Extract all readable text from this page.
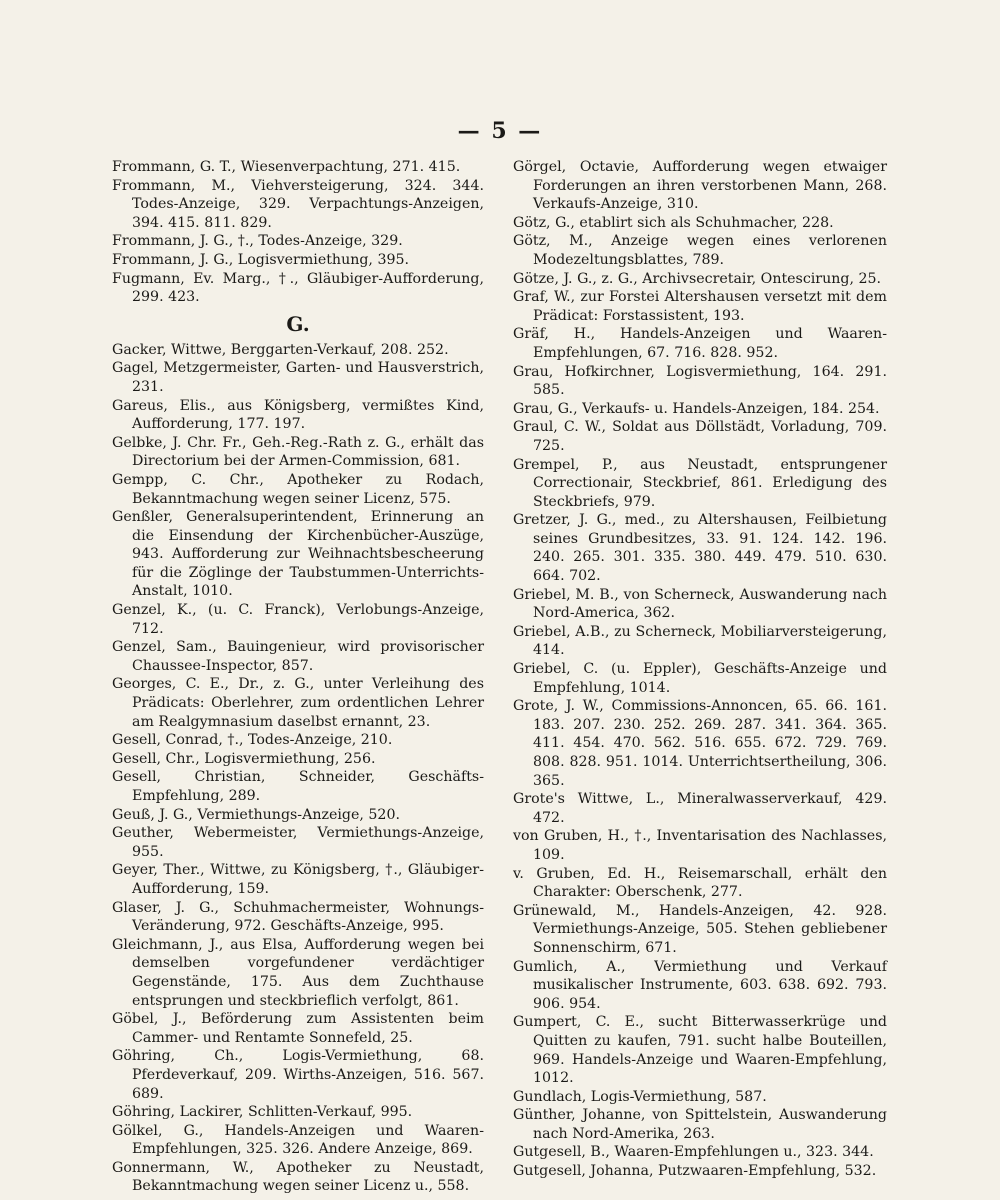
— 5 —

Frommann, G. T., Wiesenverpachtung, 271. 415.

Frommann, M., Viehversteigerung, 324. 344. Todes-Anzeige, 329. Verpachtungs-Anzeigen, 394. 415. 811. 829.

Frommann, J. G., †., Todes-Anzeige, 329.

Frommann, J. G., Logisvermiethung, 395.

Fugmann, Ev. Marg., †., Gläubiger-Aufforderung, 299. 423.

G.

Gacker, Wittwe, Berggarten-Verkauf, 208. 252.

Gagel, Metzgermeister, Garten- und Hausverstrich, 231.

Gareus, Elis., aus Königsberg, vermißtes Kind, Aufforderung, 177. 197.

Gelbke, J. Chr. Fr., Geh.-Reg.-Rath z. G., erhält das Directorium bei der Armen-Commission, 681.

Gempp, C. Chr., Apotheker zu Rodach, Bekanntmachung wegen seiner Licenz, 575.

Genßler, Generalsuperintendent, Erinnerung an die Einsendung der Kirchenbücher-Auszüge, 943. Aufforderung zur Weihnachtsbescheerung für die Zöglinge der Taubstummen-Unterrichts-Anstalt, 1010.

Genzel, K., (u. C. Franck), Verlobungs-Anzeige, 712.

Genzel, Sam., Bauingenieur, wird provisorischer Chaussee-Inspector, 857.

Georges, C. E., Dr., z. G., unter Verleihung des Prädicats: Oberlehrer, zum ordentlichen Lehrer am Realgymnasium daselbst ernannt, 23.

Gesell, Conrad, †., Todes-Anzeige, 210.

Gesell, Chr., Logisvermiethung, 256.

Gesell, Christian, Schneider, Geschäfts-Empfehlung, 289.

Geuß, J. G., Vermiethungs-Anzeige, 520.

Geuther, Webermeister, Vermiethungs-Anzeige, 955.

Geyer, Ther., Wittwe, zu Königsberg, †., Gläubiger-Aufforderung, 159.

Glaser, J. G., Schuhmachermeister, Wohnungs-Veränderung, 972. Geschäfts-Anzeige, 995.

Gleichmann, J., aus Elsa, Aufforderung wegen bei demselben vorgefundener verdächtiger Gegenstände, 175. Aus dem Zuchthause entsprungen und steckbrieflich verfolgt, 861.

Göbel, J., Beförderung zum Assistenten beim Cammer- und Rentamte Sonnefeld, 25.

Göhring, Ch., Logis-Vermiethung, 68. Pferdeverkauf, 209. Wirths-Anzeigen, 516. 567. 689.

Göhring, Lackirer, Schlitten-Verkauf, 995.

Gölkel, G., Handels-Anzeigen und Waaren-Empfehlungen, 325. 326. Andere Anzeige, 869.

Gonnermann, W., Apotheker zu Neustadt, Bekanntmachung wegen seiner Licenz u., 558.

Görgel, Octavie, Aufforderung wegen etwaiger Forderungen an ihren verstorbenen Mann, 268. Verkaufs-Anzeige, 310.

Götz, G., etablirt sich als Schuhmacher, 228.

Götz, M., Anzeige wegen eines verlorenen Modezeltungsblattes, 789.

Götze, J. G., z. G., Archivsecretair, Ontescirung, 25.

Graf, W., zur Forstei Altershausen versetzt mit dem Prädicat: Forstassistent, 193.

Gräf, H., Handels-Anzeigen und Waaren-Empfehlungen, 67. 716. 828. 952.

Grau, Hofkirchner, Logisvermiethung, 164. 291. 585.

Grau, G., Verkaufs- u. Handels-Anzeigen, 184. 254.

Graul, C. W., Soldat aus Döllstädt, Vorladung, 709. 725.

Grempel, P., aus Neustadt, entsprungener Correctionair, Steckbrief, 861. Erledigung des Steckbriefs, 979.

Gretzer, J. G., med., zu Altershausen, Feilbietung seines Grundbesitzes, 33. 91. 124. 142. 196. 240. 265. 301. 335. 380. 449. 479. 510. 630. 664. 702.

Griebel, M. B., von Scherneck, Auswanderung nach Nord-America, 362.

Griebel, A.B., zu Scherneck, Mobiliarversteigerung, 414.

Griebel, C. (u. Eppler), Geschäfts-Anzeige und Empfehlung, 1014.

Grote, J. W., Commissions-Annoncen, 65. 66. 161. 183. 207. 230. 252. 269. 287. 341. 364. 365. 411. 454. 470. 562. 516. 655. 672. 729. 769. 808. 828. 951. 1014. Unterrichtsertheilung, 306. 365.

Grote's Wittwe, L., Mineralwasserverkauf, 429. 472.

von Gruben, H., †., Inventarisation des Nachlasses, 109.

v. Gruben, Ed. H., Reisemarschall, erhält den Charakter: Oberschenk, 277.

Grünewald, M., Handels-Anzeigen, 42. 928. Vermiethungs-Anzeige, 505. Stehen gebliebener Sonnenschirm, 671.

Gumlich, A., Vermiethung und Verkauf musikalischer Instrumente, 603. 638. 692. 793. 906. 954.

Gumpert, C. E., sucht Bitterwasserkrüge und Quitten zu kaufen, 791. sucht halbe Bouteillen, 969. Handels-Anzeige und Waaren-Empfehlung, 1012.

Gundlach, Logis-Vermiethung, 587.

Günther, Johanne, von Spittelstein, Auswanderung nach Nord-Amerika, 263.

Gutgesell, B., Waaren-Empfehlungen u., 323. 344.

Gutgesell, Johanna, Putzwaaren-Empfehlung, 532.
